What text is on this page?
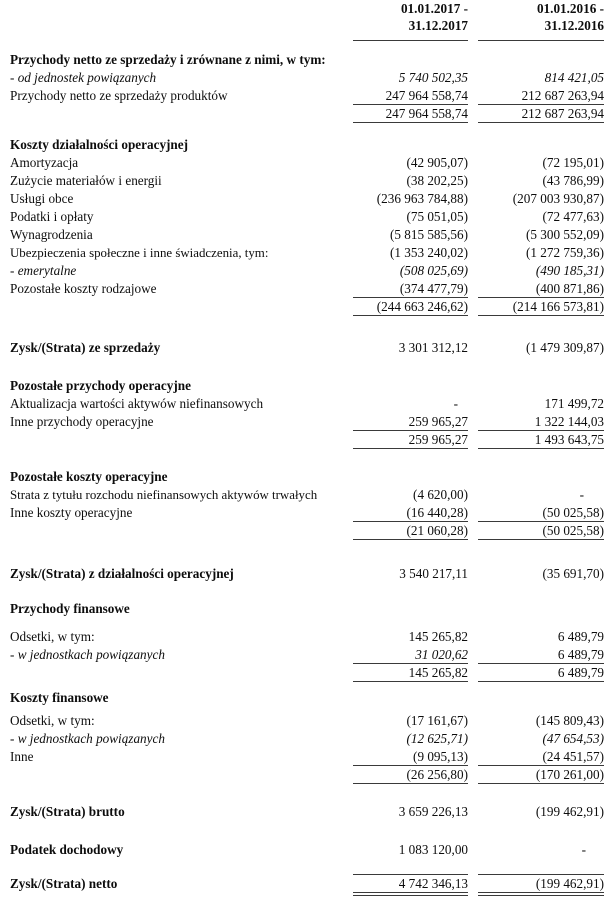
01.01.2017 -
31.12.2017
01.01.2016 -
31.12.2016
Przychody netto ze sprzedaży i zrównane z nimi, w tym:
- od jednostek powiązanych	5 740 502,35	814 421,05
Przychody netto ze sprzedaży produktów	247 964 558,74	212 687 263,94
247 964 558,74	212 687 263,94
Koszty działalności operacyjnej
Amortyzacja	(42 905,07)	(72 195,01)
Zużycie materiałów i energii	(38 202,25)	(43 786,99)
Usługi obce	(236 963 784,88)	(207 003 930,87)
Podatki i opłaty	(75 051,05)	(72 477,63)
Wynagrodzenia	(5 815 585,56)	(5 300 552,09)
Ubezpieczenia społeczne i inne świadczenia, tym:	(1 353 240,02)	(1 272 759,36)
- emerytalne	(508 025,69)	(490 185,31)
Pozostałe koszty rodzajowe	(374 477,79)	(400 871,86)
(244 663 246,62)	(214 166 573,81)
Zysk/(Strata) ze sprzedaży	3 301 312,12	(1 479 309,87)
Pozostałe przychody operacyjne
Aktualizacja wartości aktywów niefinansowych	-	171 499,72
Inne przychody operacyjne	259 965,27	1 322 144,03
259 965,27	1 493 643,75
Pozostałe koszty operacyjne
Strata z tytułu rozchodu niefinansowych aktywów trwałych	(4 620,00)	-
Inne koszty operacyjne	(16 440,28)	(50 025,58)
(21 060,28)	(50 025,58)
Zysk/(Strata) z działalności operacyjnej	3 540 217,11	(35 691,70)
Przychody finansowe
Odsetki, w tym:	145 265,82	6 489,79
- w jednostkach powiązanych	31 020,62	6 489,79
145 265,82	6 489,79
Koszty finansowe
Odsetki, w tym:	(17 161,67)	(145 809,43)
- w jednostkach powiązanych	(12 625,71)	(47 654,53)
Inne	(9 095,13)	(24 451,57)
(26 256,80)	(170 261,00)
Zysk/(Strata) brutto	3 659 226,13	(199 462,91)
Podatek dochodowy	1 083 120,00	-
Zysk/(Strata) netto	4 742 346,13	(199 462,91)
